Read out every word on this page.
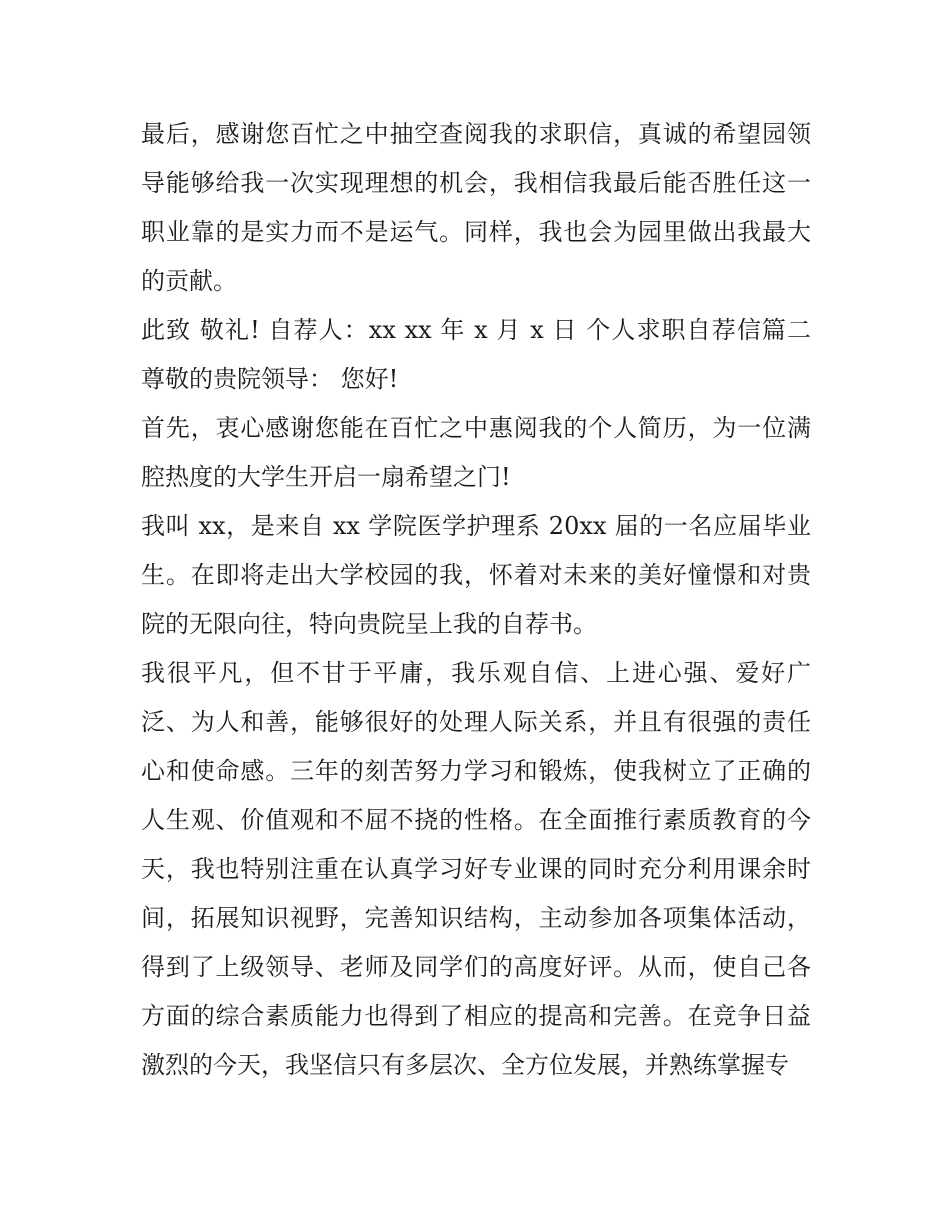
最后，感谢您百忙之中抽空查阅我的求职信，真诚的希望园领导能够给我一次实现理想的机会，我相信我最后能否胜任这一职业靠的是实力而不是运气。同样，我也会为园里做出我最大的贡献。

此致 敬礼! 自荐人：xx xx 年 x 月 x 日 个人求职自荐信篇二 尊敬的贵院领导： 您好!

首先，衷心感谢您能在百忙之中惠阅我的个人简历，为一位满腔热度的大学生开启一扇希望之门!

我叫 xx，是来自 xx 学院医学护理系 20xx 届的一名应届毕业生。在即将走出大学校园的我，怀着对未来的美好憧憬和对贵院的无限向往，特向贵院呈上我的自荐书。

我很平凡，但不甘于平庸，我乐观自信、上进心强、爱好广泛、为人和善，能够很好的处理人际关系，并且有很强的责任心和使命感。三年的刻苦努力学习和锻炼，使我树立了正确的人生观、价值观和不屈不挠的性格。在全面推行素质教育的今天，我也特别注重在认真学习好专业课的同时充分利用课余时间，拓展知识视野，完善知识结构，主动参加各项集体活动，得到了上级领导、老师及同学们的高度好评。从而，使自己各方面的综合素质能力也得到了相应的提高和完善。在竞争日益激烈的今天，我坚信只有多层次、全方位发展，并熟练掌握专
